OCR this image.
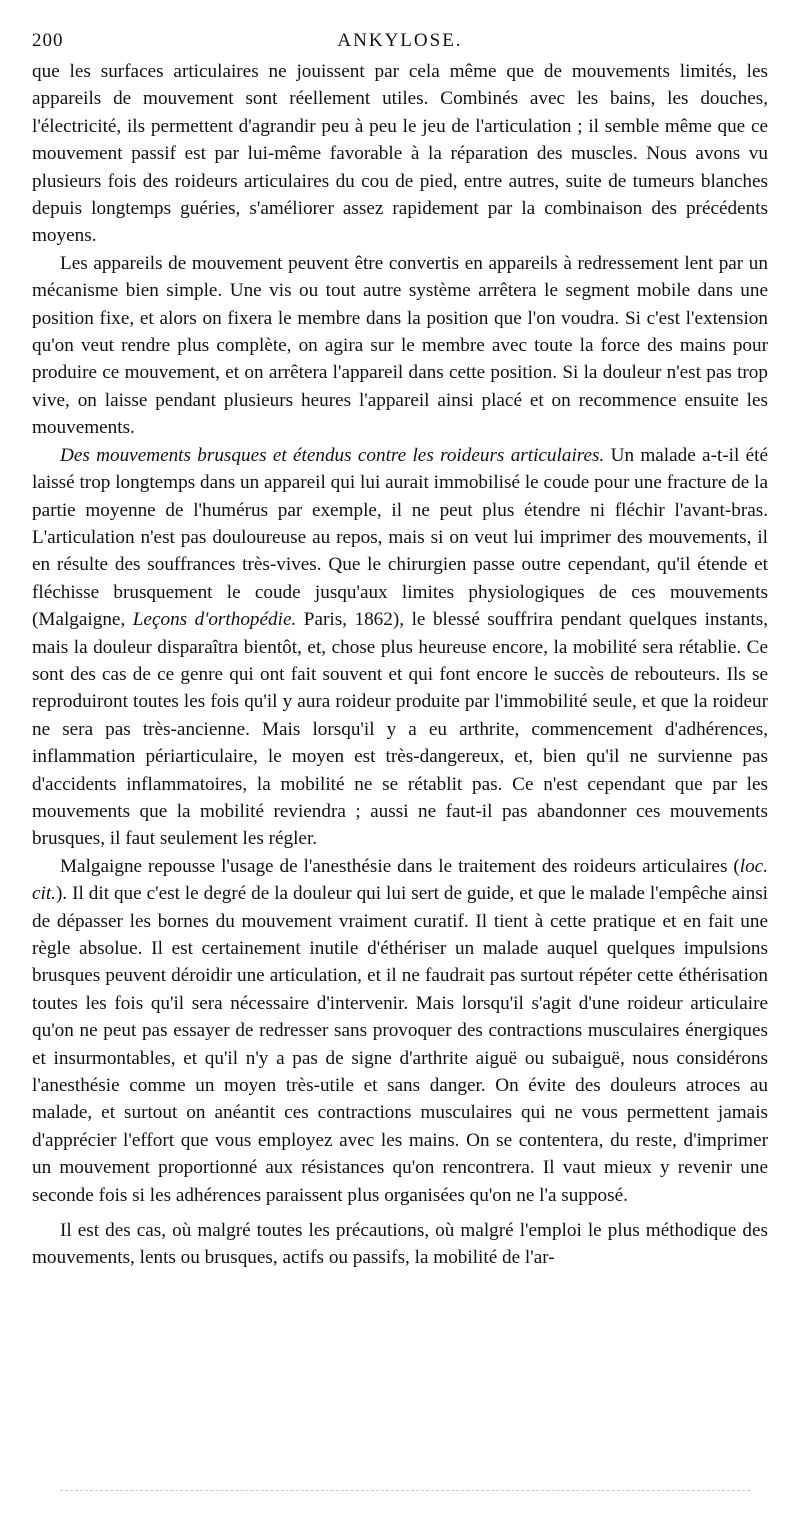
200	ANKYLOSE.

que les surfaces articulaires ne jouissent par cela même que de mouvements limités, les appareils de mouvement sont réellement utiles. Combinés avec les bains, les douches, l'électricité, ils permettent d'agrandir peu à peu le jeu de l'articulation ; il semble même que ce mouvement passif est par lui-même favorable à la réparation des muscles. Nous avons vu plusieurs fois des roideurs articulaires du cou de pied, entre autres, suite de tumeurs blanches depuis longtemps guéries, s'améliorer assez rapidement par la combinaison des précédents moyens.

Les appareils de mouvement peuvent être convertis en appareils à redressement lent par un mécanisme bien simple. Une vis ou tout autre système arrêtera le segment mobile dans une position fixe, et alors on fixera le membre dans la position que l'on voudra. Si c'est l'extension qu'on veut rendre plus complète, on agira sur le membre avec toute la force des mains pour produire ce mouvement, et on arrêtera l'appareil dans cette position. Si la douleur n'est pas trop vive, on laisse pendant plusieurs heures l'appareil ainsi placé et on recommence ensuite les mouvements.

Des mouvements brusques et étendus contre les roideurs articulaires. Un malade a-t-il été laissé trop longtemps dans un appareil qui lui aurait immobilisé le coude pour une fracture de la partie moyenne de l'humérus par exemple, il ne peut plus étendre ni fléchir l'avant-bras. L'articulation n'est pas douloureuse au repos, mais si on veut lui imprimer des mouvements, il en résulte des souffrances très-vives. Que le chirurgien passe outre cependant, qu'il étende et fléchisse brusquement le coude jusqu'aux limites physiologiques de ces mouvements (Malgaigne, Leçons d'orthopédie. Paris, 1862), le blessé souffrira pendant quelques instants, mais la douleur disparaîtra bientôt, et, chose plus heureuse encore, la mobilité sera rétablie. Ce sont des cas de ce genre qui ont fait souvent et qui font encore le succès de rebouteurs. Ils se reproduiront toutes les fois qu'il y aura roideur produite par l'immobilité seule, et que la roideur ne sera pas très-ancienne. Mais lorsqu'il y a eu arthrite, commencement d'adhérences, inflammation périarticulaire, le moyen est très-dangereux, et, bien qu'il ne survienne pas d'accidents inflammatoires, la mobilité ne se rétablit pas. Ce n'est cependant que par les mouvements que la mobilité reviendra ; aussi ne faut-il pas abandonner ces mouvements brusques, il faut seulement les régler.

Malgaigne repousse l'usage de l'anesthésie dans le traitement des roideurs articulaires (loc. cit.). Il dit que c'est le degré de la douleur qui lui sert de guide, et que le malade l'empêche ainsi de dépasser les bornes du mouvement vraiment curatif. Il tient à cette pratique et en fait une règle absolue. Il est certainement inutile d'éthériser un malade auquel quelques impulsions brusques peuvent déroidir une articulation, et il ne faudrait pas surtout répéter cette éthérisation toutes les fois qu'il sera nécessaire d'intervenir. Mais lorsqu'il s'agit d'une roideur articulaire qu'on ne peut pas essayer de redresser sans provoquer des contractions musculaires énergiques et insurmontables, et qu'il n'y a pas de signe d'arthrite aiguë ou subaiguë, nous considérons l'anesthésie comme un moyen très-utile et sans danger. On évite des douleurs atroces au malade, et surtout on anéantit ces contractions musculaires qui ne vous permettent jamais d'apprécier l'effort que vous employez avec les mains. On se contentera, du reste, d'imprimer un mouvement proportionné aux résistances qu'on rencontrera. Il vaut mieux y revenir une seconde fois si les adhérences paraissent plus organisées qu'on ne l'a supposé.

Il est des cas, où malgré toutes les précautions, où malgré l'emploi le plus méthodique des mouvements, lents ou brusques, actifs ou passifs, la mobilité de l'ar-
